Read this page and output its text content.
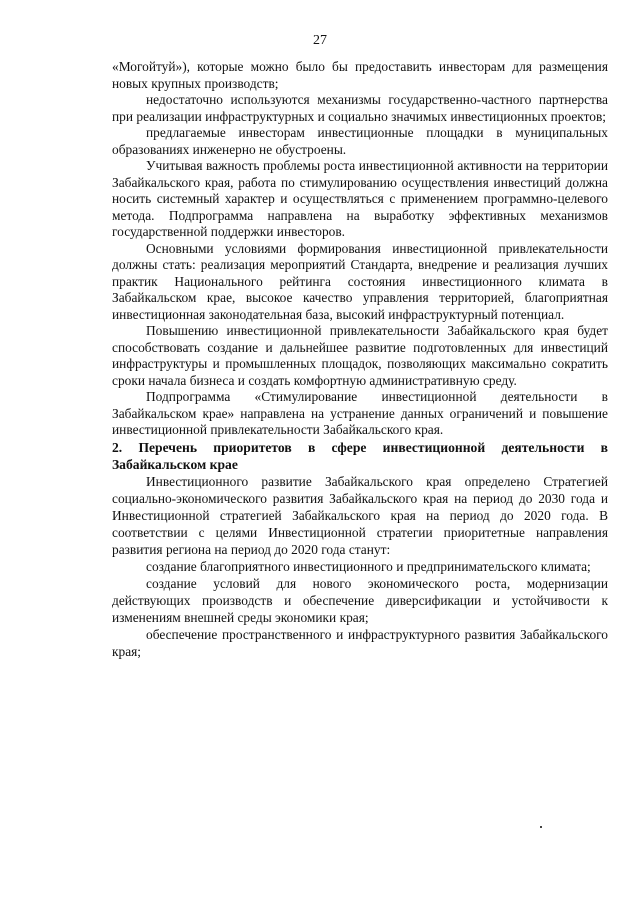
27

«Могойтуй»), которые можно было бы предоставить инвесторам для размещения новых крупных производств;

недостаточно используются механизмы государственно-частного партнерства при реализации инфраструктурных и социально значимых инвестиционных проектов;

предлагаемые инвесторам инвестиционные площадки в муниципальных образованиях инженерно не обустроены.

Учитывая важность проблемы роста инвестиционной активности на территории Забайкальского края, работа по стимулированию осуществления инвестиций должна носить системный характер и осуществляться с применением программно-целевого метода. Подпрограмма направлена на выработку эффективных механизмов государственной поддержки инвесторов.

Основными условиями формирования инвестиционной привлекательности должны стать: реализация мероприятий Стандарта, внедрение и реализация лучших практик Национального рейтинга состояния инвестиционного климата в Забайкальском крае, высокое качество управления территорией, благоприятная инвестиционная законодательная база, высокий инфраструктурный потенциал.

Повышению инвестиционной привлекательности Забайкальского края будет способствовать создание и дальнейшее развитие подготовленных для инвестиций инфраструктуры и промышленных площадок, позволяющих максимально сократить сроки начала бизнеса и создать комфортную административную среду.

Подпрограмма «Стимулирование инвестиционной деятельности в Забайкальском крае» направлена на устранение данных ограничений и повышение инвестиционной привлекательности Забайкальского края.

2. Перечень приоритетов в сфере инвестиционной деятельности в Забайкальском крае

Инвестиционного развитие Забайкальского края определено Стратегией социально-экономического развития Забайкальского края на период до 2030 года и Инвестиционной стратегией Забайкальского края на период до 2020 года. В соответствии с целями Инвестиционной стратегии приоритетные направления развития региона на период до 2020 года станут:

создание благоприятного инвестиционного и предпринимательского климата;

создание условий для нового экономического роста, модернизации действующих производств и обеспечение диверсификации и устойчивости к изменениям внешней среды экономики края;

обеспечение пространственного и инфраструктурного развития Забайкальского края;
